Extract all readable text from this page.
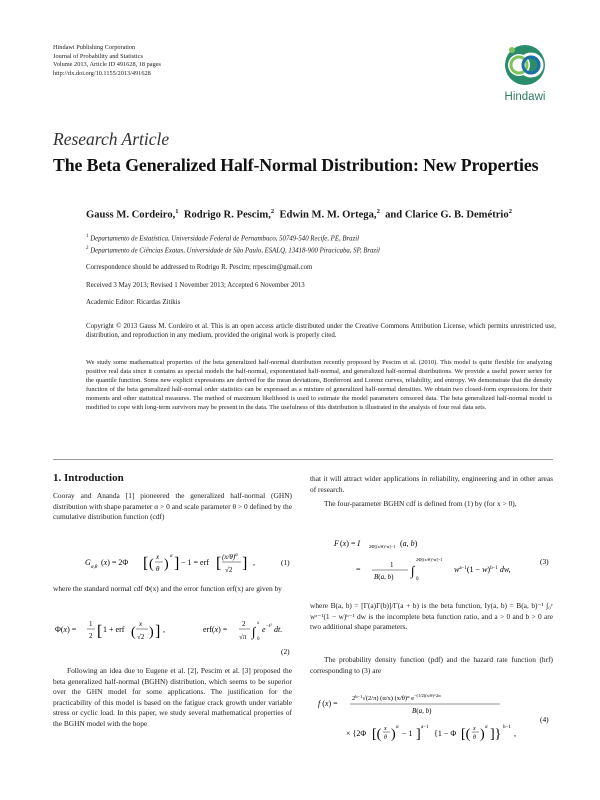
Hindawi Publishing Corporation
Journal of Probability and Statistics
Volume 2013, Article ID 491628, 18 pages
http://dx.doi.org/10.1155/2013/491628
Hindawi
Research Article
The Beta Generalized Half-Normal Distribution: New Properties
Gauss M. Cordeiro,$^1$ Rodrigo R. Pescim,$^2$ Edwin M. M. Ortega,$^2$ and Clarice G. B. Demétrio$^2$
$^1$ Departamento de Estatística, Universidade Federal de Pernambuco, 50749-540 Recife, PE, Brazil
$^2$ Departamento de Ciências Exatas, Universidade de São Paulo, ESALQ, 13418-900 Piracicaba, SP, Brazil
Correspondence should be addressed to Rodrigo R. Pescim; rrpescim@gmail.com
Received 3 May 2013; Revised 1 November 2013; Accepted 6 November 2013
Academic Editor: Ricardas Zitikis
Copyright © 2013 Gauss M. Cordeiro et al. This is an open access article distributed under the Creative Commons Attribution License, which permits unrestricted use, distribution, and reproduction in any medium, provided the original work is properly cited.
We study some mathematical properties of the beta generalized half-normal distribution recently proposed by Pescim et al. (2010). This model is quite flexible for analyzing positive real data since it contains as special models the half-normal, exponentiated half-normal, and generalized half-normal distributions. We provide a useful power series for the quantile function. Some new explicit expressions are derived for the mean deviations, Bonferroni and Lorenz curves, reliability, and entropy. We demonstrate that the density function of the beta generalized half-normal order statistics can be expressed as a mixture of generalized half-normal densities. We obtain two closed-form expressions for their moments and other statistical measures. The method of maximum likelihood is used to estimate the model parameters censored data. The beta generalized half-normal model is modified to cope with long-term survivors may be present in the data. The usefulness of this distribution is illustrated in the analysis of four real data sets.
1. Introduction
Cooray and Ananda [1] pioneered the generalized half-normal (GHN) distribution with shape parameter α > 0 and scale parameter θ > 0 defined by the cumulative distribution function (cdf)
G
α,θ
(x) = 2Φ [ ( x
θ )
α ] − 1 = erf [ $(x/\theta)^\alpha$
√2 ] ,	(1)
where the standard normal cdf Φ(x) and the error function erf(x) are given by
Φ(x) =
1
2 [ 1 + erf (
x
√2 ) ] ,	erf(x) =
2
√π ∫
x
0
e −t² dt.
(2)
Following an idea due to Eugene et al. [2], Pescim et al. [3] proposed the beta generalized half-normal (BGHN) distribution, which seems to be superior over the GHN model for some applications. The justification for the practicability of this model is based on the fatigue crack growth under variable stress or cyclic load. In this paper, we study several mathematical properties of the BGHN model with the hope
that it will attract wider applications in reliability, engineering and in other areas of research.
The four-parameter BGHN cdf is defined from (1) by (for x > 0),
F (x) = I 2Φ[(x/θ)^α]−1 (a, b)
=	1
B(a, b) ∫
2Φ[(x/θ)^α]−1
0
$w^{a-1}(1 - w)^{b-1}$ dw,
(3)
where B(a, b) = [Γ(a)Γ(b)]/Γ(a + b) is the beta function, Iy(a, b) = B(a, b)⁻¹ ∫₀ʸ wᵃ⁻¹(1 − w)ᵇ⁻¹ dw is the incomplete beta function ratio, and a > 0 and b > 0 are two additional shape parameters.
The probability density function (pdf) and the hazard rate function (hrf) corresponding to (3) are
f (x) =
$2^{b-1}√(2/\pi)$ (α/x) $(x/\theta)^\alpha$ $e^{-(1/2)(x/\theta)\^{}2\alpha}$
B(a, b)
× {2Φ [( x
θ ) α
− 1 ] a−1
{1 − Φ [( x
θ ) α ]} b−1
,
(4)
